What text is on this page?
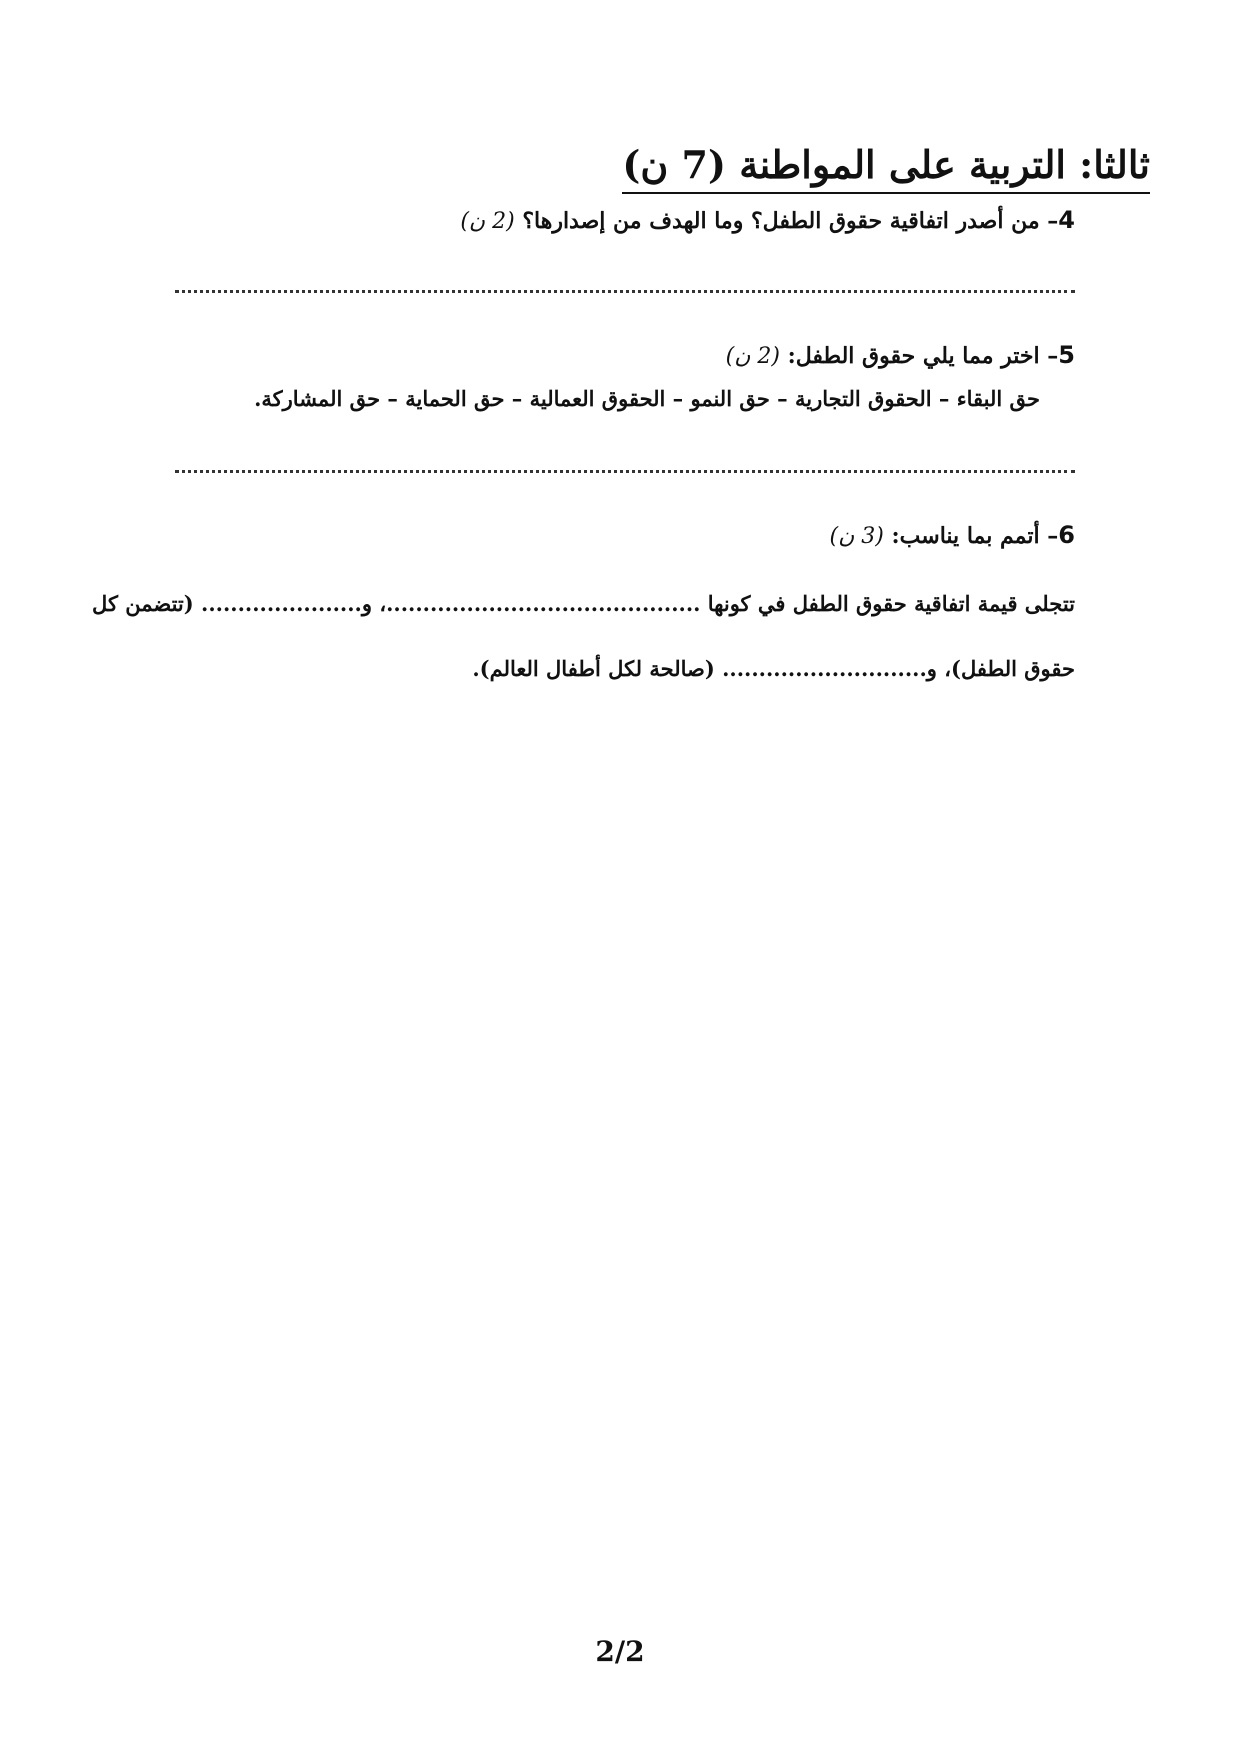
ثالثا: التربية على المواطنة (7 ن)
4– من أصدر اتفاقية حقوق الطفل؟ وما الهدف من إصدارها؟ (2 ن)
5– اختر مما يلي حقوق الطفل: (2 ن)
حق البقاء – الحقوق التجارية – حق النمو – الحقوق العمالية – حق الحماية – حق المشاركة.
6– أتمم بما يناسب: (3 ن)
تتجلى قيمة اتفاقية حقوق الطفل في كونها ...........................................، و...................... (تتضمن كل
حقوق الطفل)، و............................ (صالحة لكل أطفال العالم).
2/2
